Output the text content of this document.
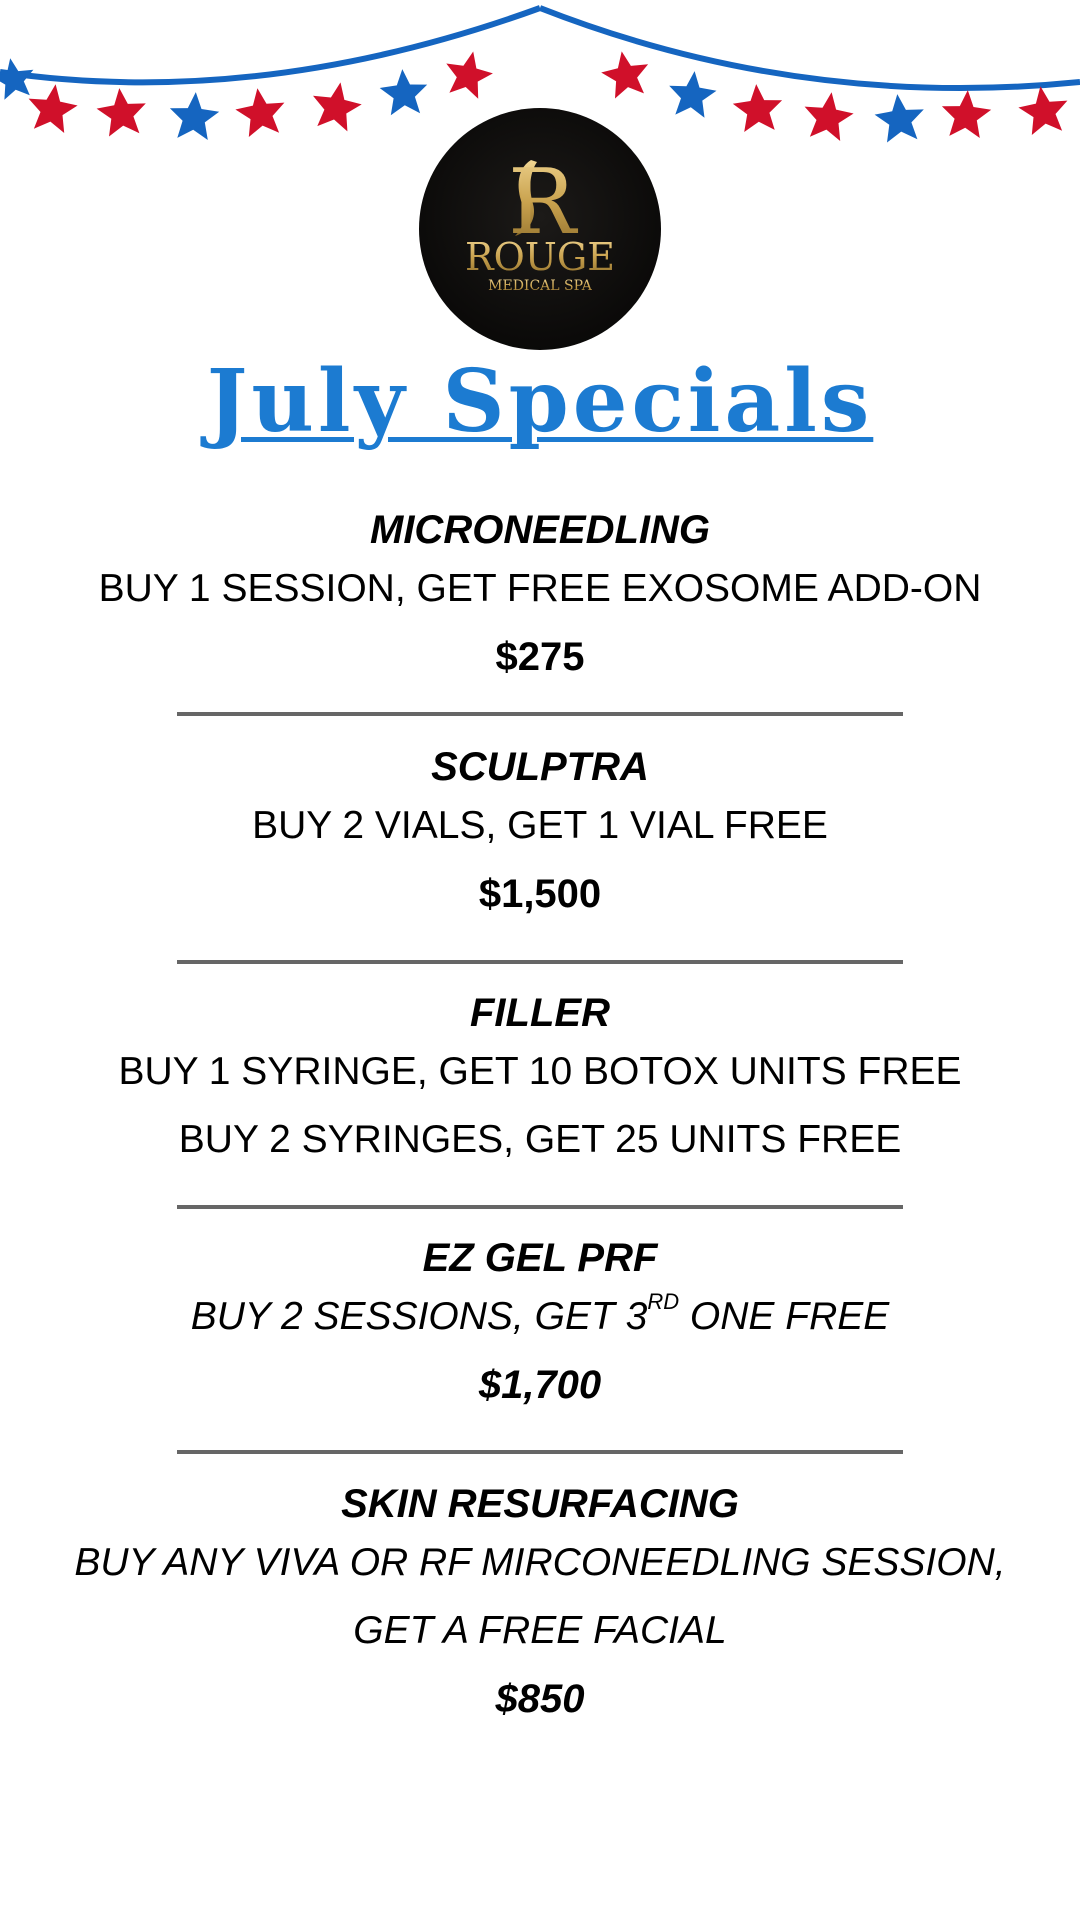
R
ROUGE
MEDICAL SPA
July Specials
MICRONEEDLING
BUY 1 SESSION, GET FREE EXOSOME ADD-ON
$275
SCULPTRA
BUY 2 VIALS, GET 1 VIAL FREE
$1,500
FILLER
BUY 1 SYRINGE, GET 10 BOTOX UNITS FREE
BUY 2 SYRINGES, GET 25 UNITS FREE
EZ GEL PRF
BUY 2 SESSIONS, GET 3RD ONE FREE
$1,700
SKIN RESURFACING
BUY ANY VIVA OR RF MIRCONEEDLING SESSION,
GET A FREE FACIAL
$850
